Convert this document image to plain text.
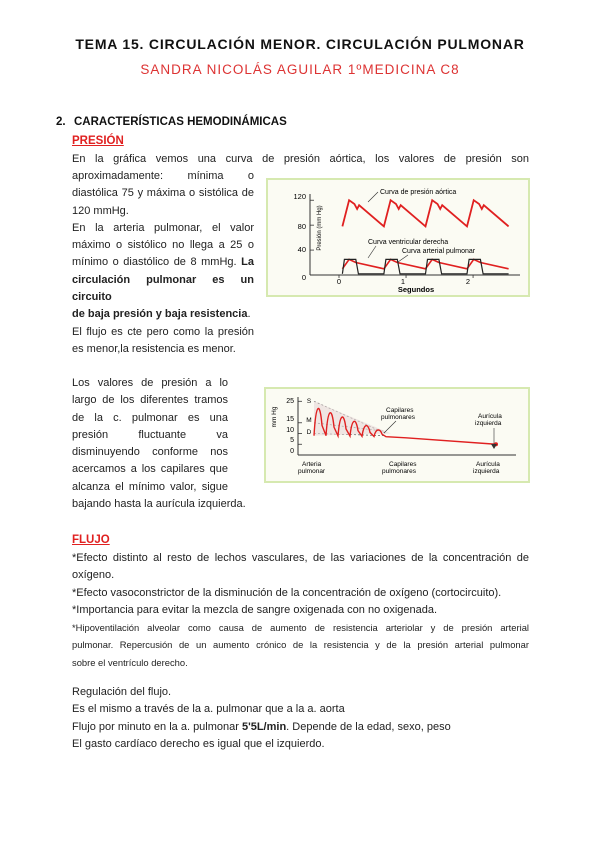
TEMA 15. CIRCULACIÓN MENOR. CIRCULACIÓN PULMONAR
SANDRA NICOLÁS AGUILAR 1ºMEDICINA C8
2. CARACTERÍSTICAS HEMODINÁMICAS
PRESIÓN
En la gráfica vemos una curva de presión aórtica, los valores de presión son
aproximadamente: mínima o
diastólica 75 y máxima o sistólica de
120 mmHg.
En la arteria pulmonar, el valor
máximo o sistólico no llega a 25 o
mínimo o diastólico de 8 mmHg. La
circulación pulmonar es un circuito
de baja presión y baja resistencia.
El flujo es cte pero como la presión
es menor,la resistencia es menor.
120
80
40
0	0	1	2
Segundos
Presión (mm Hg)
Curva de presión aórtica
Curva ventricular derecha
Curva arterial pulmonar
Los valores de presión a lo
largo de los diferentes tramos
de la c. pulmonar es una
presión fluctuante va
disminuyendo conforme nos
acercamos a los capilares que
alcanza el mínimo valor, sigue
bajando hasta la aurícula izquierda.
25
15
10
5
0
S
M
D
mm Hg
Arteria
pulmonar
Capilares
pulmonares
Aurícula
izquierda
Capilares
pulmonares	Aurícula
izquierda
FLUJO
*Efecto distinto al resto de lechos vasculares, de las variaciones de la concentración de
oxígeno.
*Efecto vasoconstrictor de la disminución de la concentración de oxígeno (cortocircuito).
*Importancia para evitar la mezcla de sangre oxigenada con no oxigenada.
*Hipoventilación alveolar como causa de aumento de resistencia arteriolar y de presión arterial
pulmonar. Repercusión de un aumento crónico de la resistencia y de la presión arterial pulmonar
sobre el ventrículo derecho.
Regulación del flujo.
Es el mismo a través de la a. pulmonar que a la a. aorta
Flujo por minuto en la a. pulmonar 5'5L/min. Depende de la edad, sexo, peso
El gasto cardíaco derecho es igual que el izquierdo.
